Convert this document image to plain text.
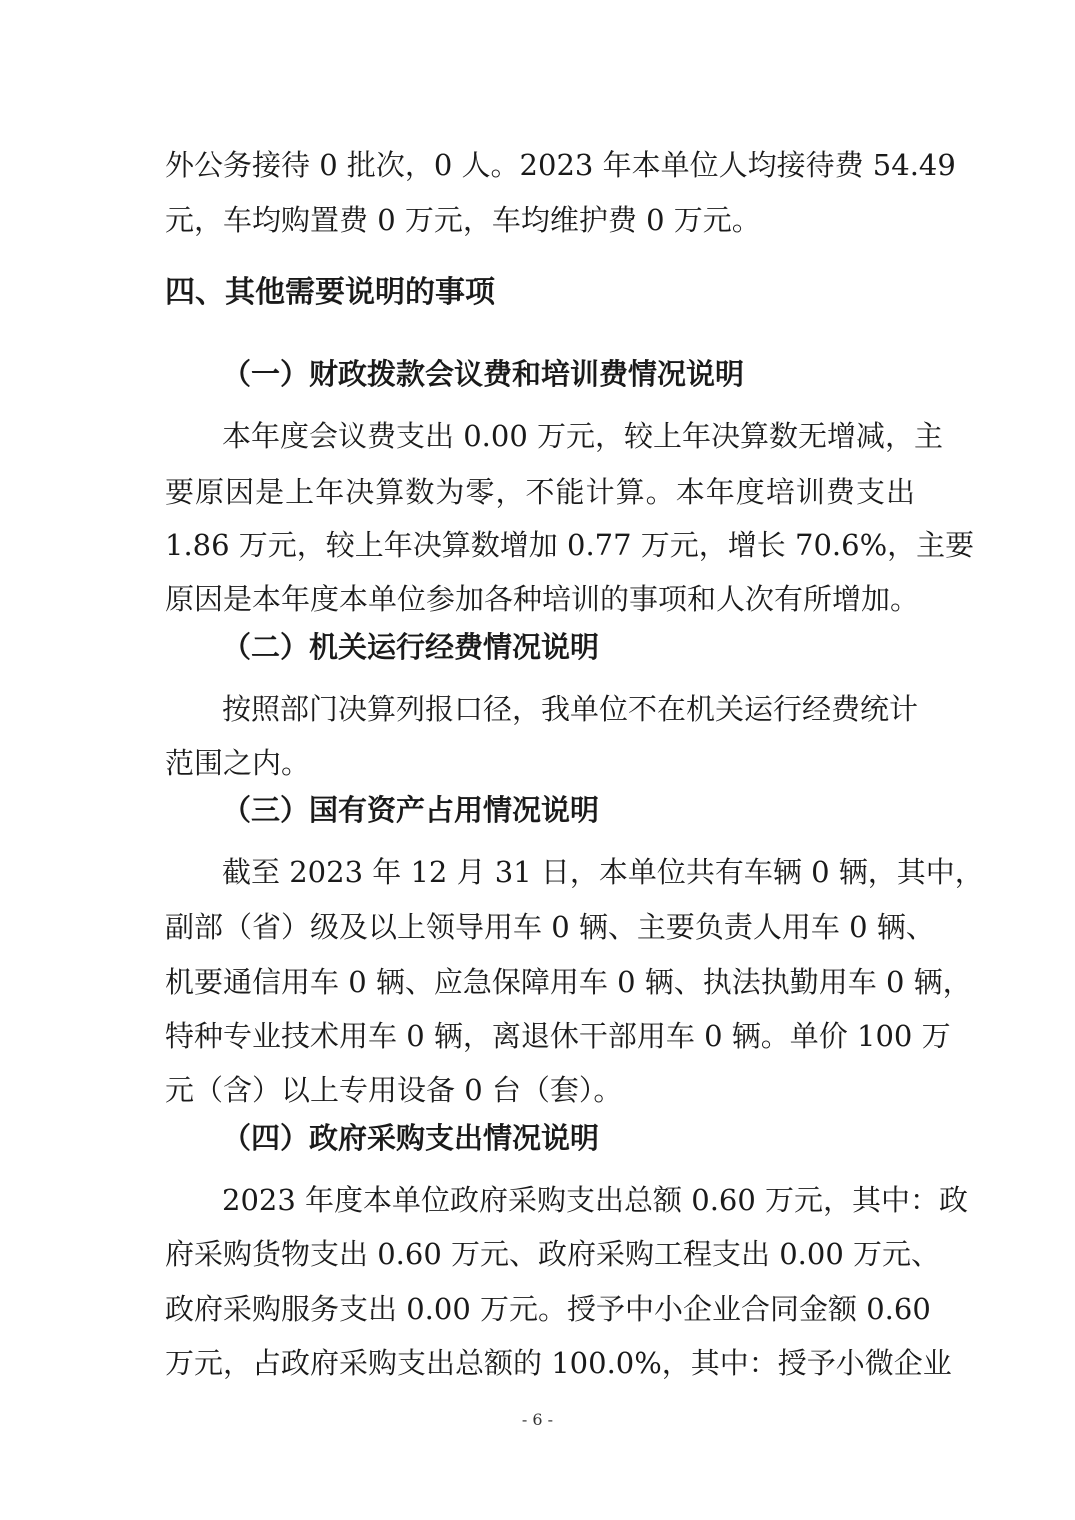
外公务接待 0 批次，0 人。2023 年本单位人均接待费 54.49
元，车均购置费 0 万元，车均维护费 0 万元。
四、其他需要说明的事项
（一）财政拨款会议费和培训费情况说明
本年度会议费支出 0.00 万元，较上年决算数无增减，主
要原因是上年决算数为零，不能计算。本年度培训费支出
1.86 万元，较上年决算数增加 0.77 万元，增长 70.6%，主要
原因是本年度本单位参加各种培训的事项和人次有所增加。
（二）机关运行经费情况说明
按照部门决算列报口径，我单位不在机关运行经费统计
范围之内。
（三）国有资产占用情况说明
截至 2023 年 12 月 31 日，本单位共有车辆 0 辆，其中，
副部（省）级及以上领导用车 0 辆、主要负责人用车 0 辆、
机要通信用车 0 辆、应急保障用车 0 辆、执法执勤用车 0 辆，
特种专业技术用车 0 辆，离退休干部用车 0 辆。单价 100 万
元（含）以上专用设备 0 台（套）。
（四）政府采购支出情况说明
2023 年度本单位政府采购支出总额 0.60 万元，其中：政
府采购货物支出 0.60 万元、政府采购工程支出 0.00 万元、
政府采购服务支出 0.00 万元。授予中小企业合同金额 0.60
万元，占政府采购支出总额的 100.0%，其中：授予小微企业
- 6 -
